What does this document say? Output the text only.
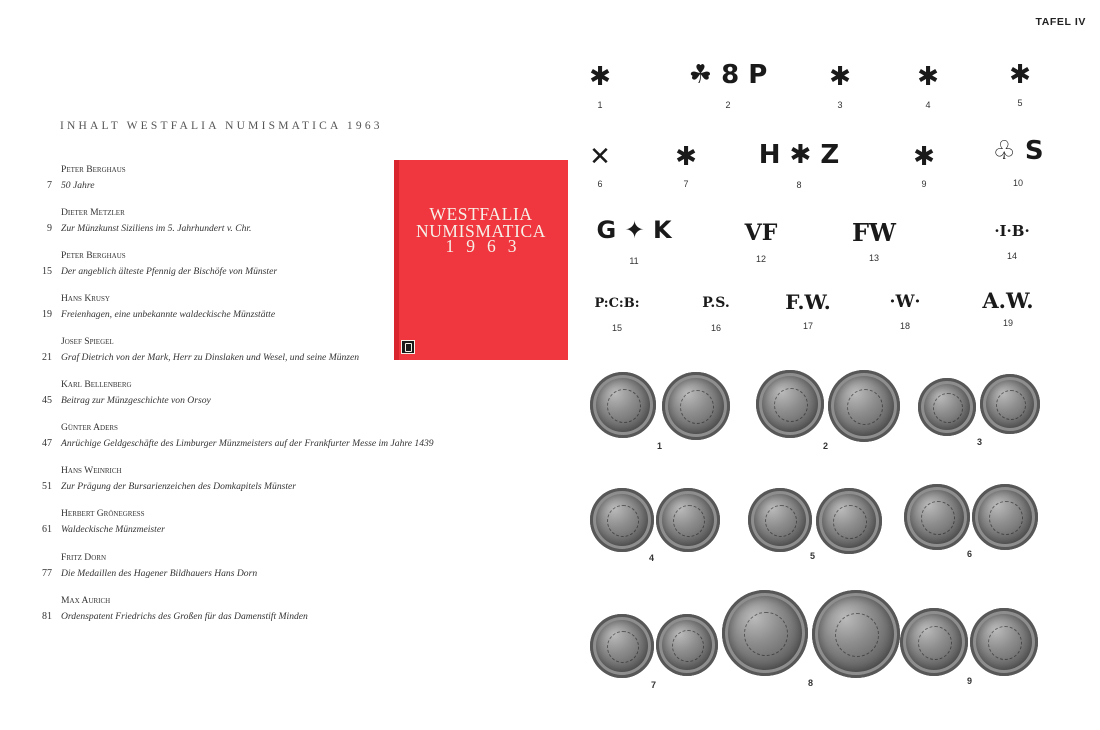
INHALT WESTFALIA NUMISMATICA 1963
Peter Berghaus
7 50 Jahre
Dieter Metzler
9 Zur Münzkunst Siziliens im 5. Jahrhundert v. Chr.
Peter Berghaus
15 Der angeblich älteste Pfennig der Bischöfe von Münster
Hans Krusy
19 Freienhagen, eine unbekannte waldeckische Münzstätte
Josef Spiegel
21 Graf Dietrich von der Mark, Herr zu Dinslaken und Wesel, und seine Münzen
Karl Bellenberg
45 Beitrag zur Münzgeschichte von Orsoy
Günter Aders
47 Anrüchige Geldgeschäfte des Limburger Münzmeisters auf der Frankfurter Messe im Jahre 1439
Hans Weinrich
51 Zur Prägung der Bursarienzeichen des Domkapitels Münster
Herbert Grönegress
61 Waldeckische Münzmeister
Fritz Dorn
77 Die Medaillen des Hagener Bildhauers Hans Dorn
Max Aurich
81 Ordenspatent Friedrichs des Großen für das Damenstift Minden
WESTFALIA
NUMISMATICA
1963
TAFEL IV
✱
1
☘ 8 P
2
✱
3
✱
4
✱
5
✕
6
✱
7
H ✱ Z
8
✱
9
♧ S
10
G ✦ K
11
VF
12
FW
13
·I·B·
14
P:C:B:
15
P.S.
16
F.W.
17
·W·
18
A.W.
19
1	2	3
4	5	6
7	8	9
